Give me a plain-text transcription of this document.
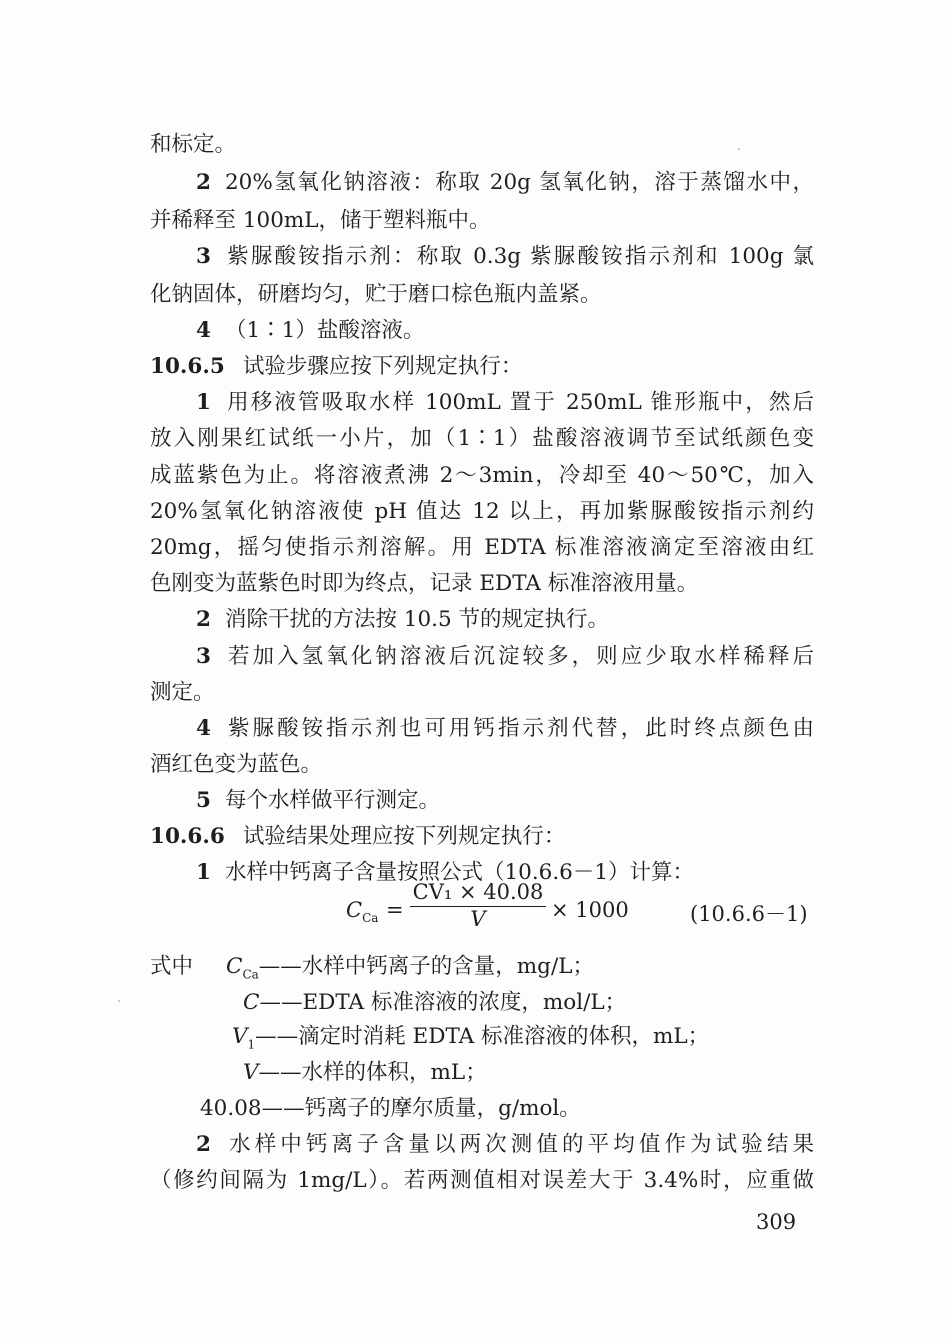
和标定。
2 20%氢氧化钠溶液：称取 20g 氢氧化钠，溶于蒸馏水中，
并稀释至 100mL，储于塑料瓶中。
3 紫脲酸铵指示剂：称取 0.3g 紫脲酸铵指示剂和 100g 氯
化钠固体，研磨均匀，贮于磨口棕色瓶内盖紧。
4 （1∶1）盐酸溶液。
10.6.5 试验步骤应按下列规定执行：
1 用移液管吸取水样 100mL 置于 250mL 锥形瓶中，然后
放入刚果红试纸一小片，加（1∶1）盐酸溶液调节至试纸颜色变
成蓝紫色为止。将溶液煮沸 2～3min，冷却至 40～50℃，加入
20%氢氧化钠溶液使 pH 值达 12 以上，再加紫脲酸铵指示剂约
20mg，摇匀使指示剂溶解。用 EDTA 标准溶液滴定至溶液由红
色刚变为蓝紫色时即为终点，记录 EDTA 标准溶液用量。
2 消除干扰的方法按 10.5 节的规定执行。
3 若加入氢氧化钠溶液后沉淀较多，则应少取水样稀释后
测定。
4 紫脲酸铵指示剂也可用钙指示剂代替，此时终点颜色由
酒红色变为蓝色。
5 每个水样做平行测定。
10.6.6 试验结果处理应按下列规定执行：
1 水样中钙离子含量按照公式（10.6.6－1）计算：
$C_{Ca} = \frac{\text{CV₁ × 40.08}}{V} \times 1000$	(10.6.6－1)
式中 $C_{Ca}——$水样中钙离子的含量，mg/L；
C——EDTA 标准溶液的浓度，mol/L；
$V_1——$滴定时消耗 EDTA 标准溶液的体积，mL；
V——水样的体积，mL；
40.08——钙离子的摩尔质量，g/mol。
2 水样中钙离子含量以两次测值的平均值作为试验结果
（修约间隔为 1mg/L）。若两测值相对误差大于 3.4%时，应重做
309
